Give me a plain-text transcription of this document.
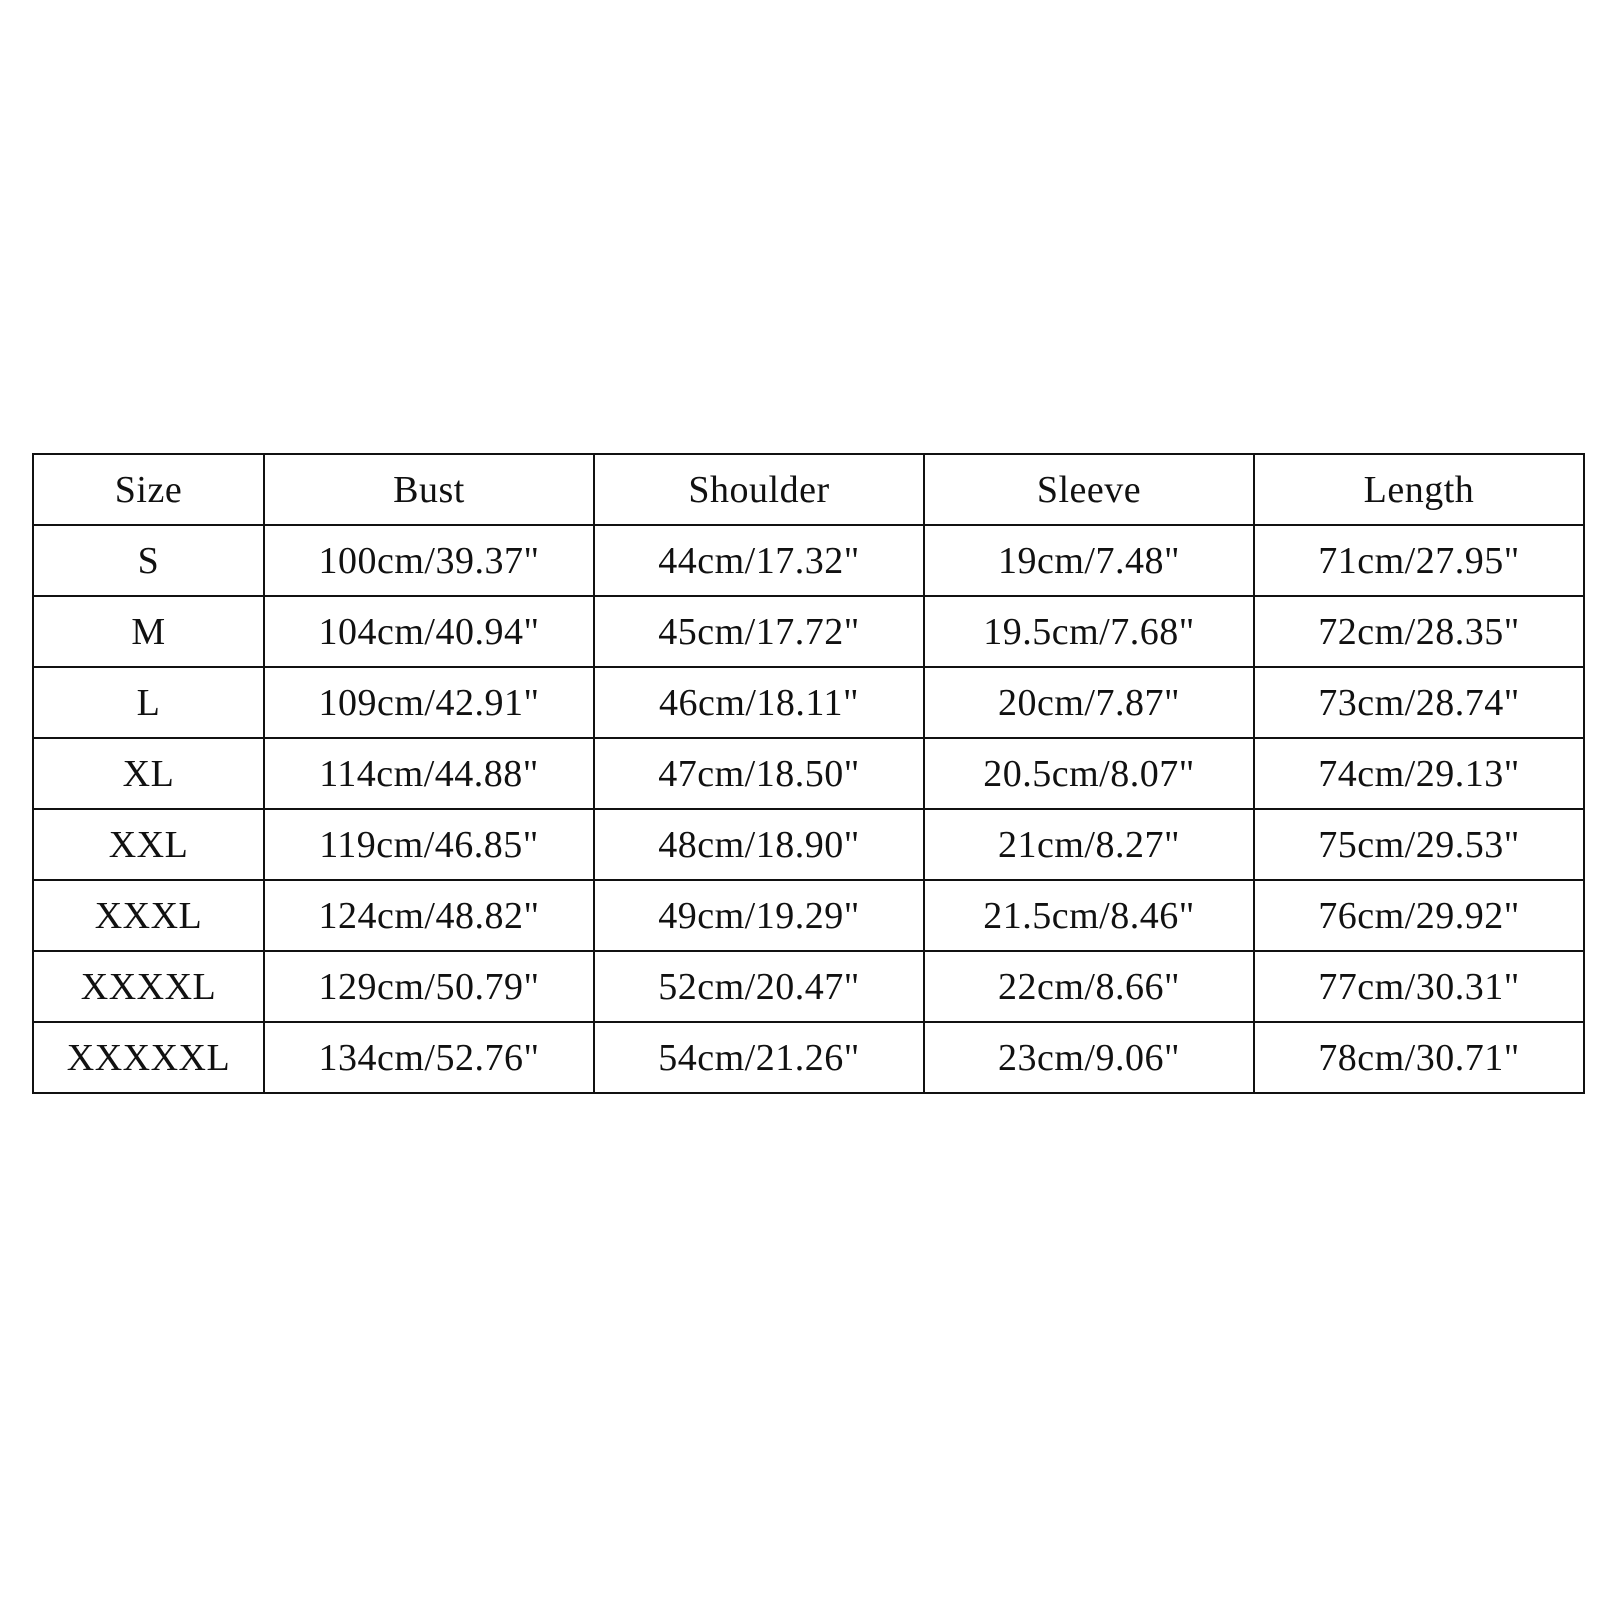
Size	Bust	Shoulder	Sleeve	Length
S	100cm/39.37"	44cm/17.32"	19cm/7.48"	71cm/27.95"
M	104cm/40.94"	45cm/17.72"	19.5cm/7.68"	72cm/28.35"
L	109cm/42.91"	46cm/18.11"	20cm/7.87"	73cm/28.74"
XL	114cm/44.88"	47cm/18.50"	20.5cm/8.07"	74cm/29.13"
XXL	119cm/46.85"	48cm/18.90"	21cm/8.27"	75cm/29.53"
XXXL	124cm/48.82"	49cm/19.29"	21.5cm/8.46"	76cm/29.92"
XXXXL	129cm/50.79"	52cm/20.47"	22cm/8.66"	77cm/30.31"
XXXXXL	134cm/52.76"	54cm/21.26"	23cm/9.06"	78cm/30.71"
